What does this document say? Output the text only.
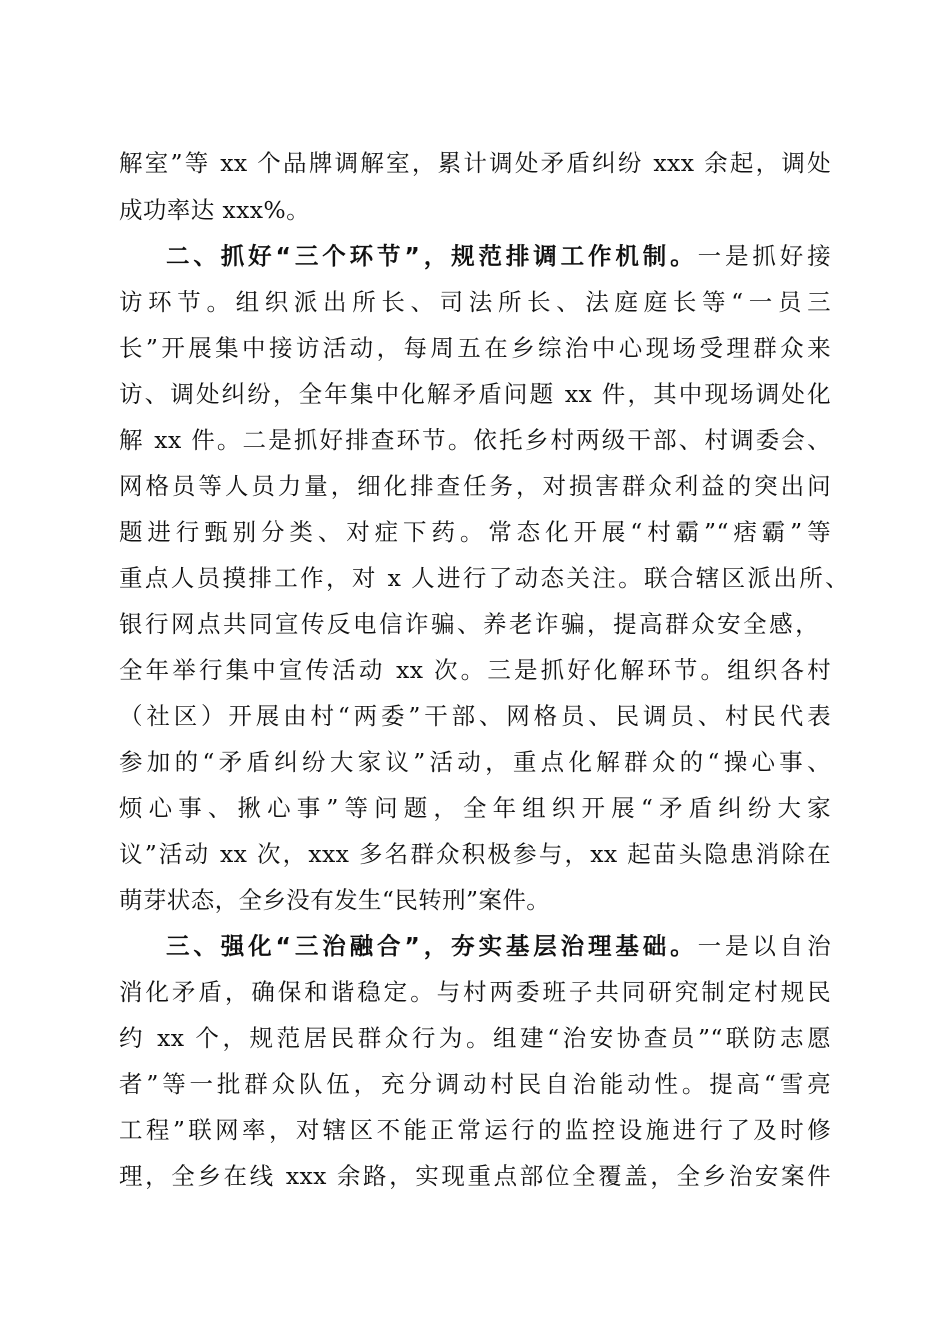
解室”等 xx 个品牌调解室，累计调处矛盾纠纷 xxx 余起，调处
成功率达 xxx%。
二、抓好“三个环节”，规范排调工作机制。一是抓好接
访环节。组织派出所长、司法所长、法庭庭长等“一员三
长”开展集中接访活动，每周五在乡综治中心现场受理群众来
访、调处纠纷，全年集中化解矛盾问题 xx 件，其中现场调处化
解 xx 件。二是抓好排查环节。依托乡村两级干部、村调委会、
网格员等人员力量，细化排查任务，对损害群众利益的突出问
题进行甄别分类、对症下药。常态化开展“村霸”“痞霸”等
重点人员摸排工作，对 x 人进行了动态关注。联合辖区派出所、
银行网点共同宣传反电信诈骗、养老诈骗，提高群众安全感，
全年举行集中宣传活动 xx 次。三是抓好化解环节。组织各村
（社区）开展由村“两委”干部、网格员、民调员、村民代表
参加的“矛盾纠纷大家议”活动，重点化解群众的“操心事、
烦心事、揪心事”等问题，全年组织开展“矛盾纠纷大家
议”活动 xx 次，xxx 多名群众积极参与，xx 起苗头隐患消除在
萌芽状态，全乡没有发生“民转刑”案件。
三、强化“三治融合”，夯实基层治理基础。一是以自治
消化矛盾，确保和谐稳定。与村两委班子共同研究制定村规民
约 xx 个，规范居民群众行为。组建“治安协查员”“联防志愿
者”等一批群众队伍，充分调动村民自治能动性。提高“雪亮
工程”联网率，对辖区不能正常运行的监控设施进行了及时修
理，全乡在线 xxx 余路，实现重点部位全覆盖，全乡治安案件
